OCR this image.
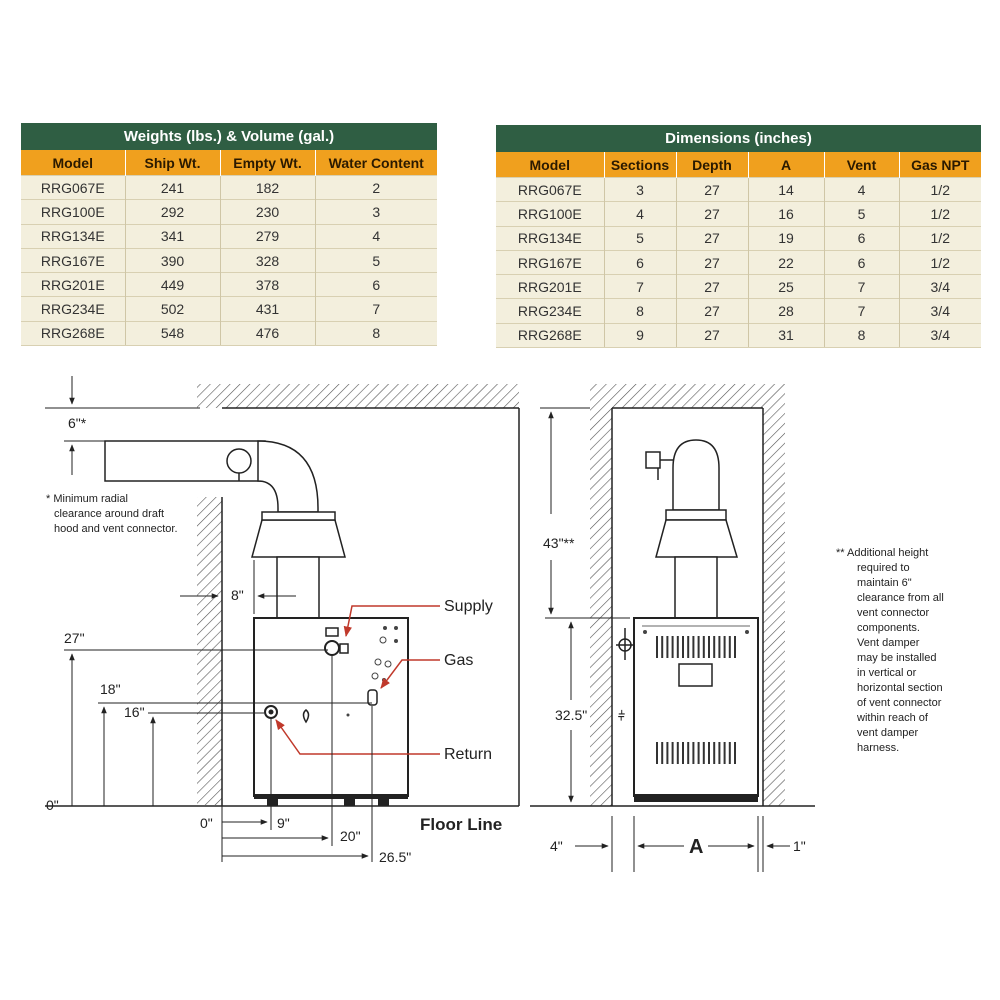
Weights (lbs.) & Volume (gal.)			
Model	Ship Wt.	Empty Wt.	Water Content
RRG067E	241	182	2
RRG100E	292	230	3
RRG134E	341	279	4
RRG167E	390	328	5
RRG201E	449	378	6
RRG234E	502	431	7
RRG268E	548	476	8
Dimensions (inches)					
Model	Sections	Depth	A	Vent	Gas NPT
RRG067E	3	27	14	4	1/2
RRG100E	4	27	16	5	1/2
RRG134E	5	27	19	6	1/2
RRG167E	6	27	22	6	1/2
RRG201E	7	27	25	7	3/4
RRG234E	8	27	28	7	3/4
RRG268E	9	27	31	8	3/4
Supply
Gas
Return
6"*
* Minimum radial
clearance around draft
hood and vent connector.
8"
27"
18"
16"
0"
0"	9"
20"
26.5"
Floor Line
⫩
43"**
32.5"
4"	A	1"
** Additional height
required to
maintain 6"
clearance from all
vent connector
components.
Vent damper
may be installed
in vertical or
horizontal section
of vent connector
within reach of
vent damper
harness.
